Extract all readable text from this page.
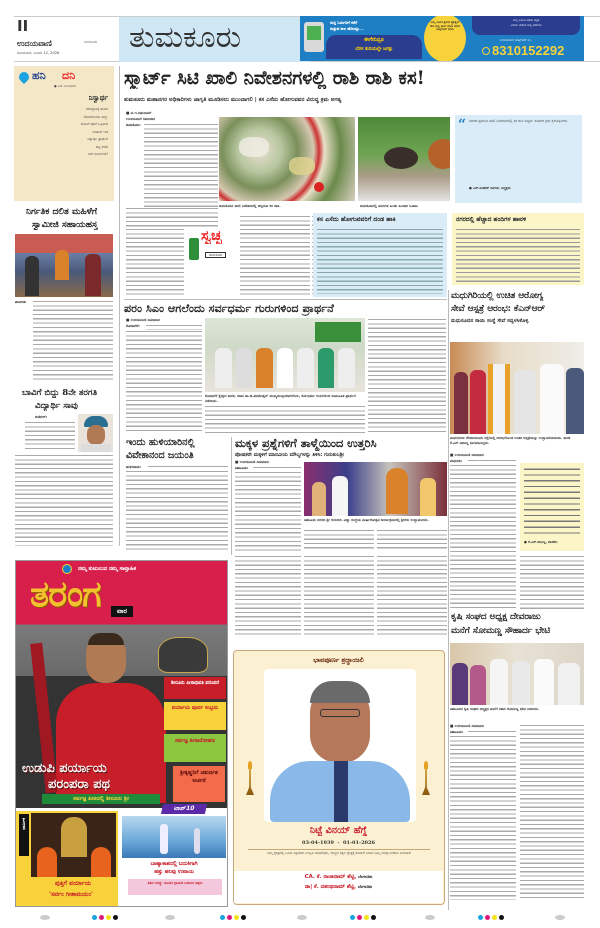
II
ಉದಯವಾಣಿ	ಬೆಂಗಳೂರು
ಸೋಮವಾರ, ಜನವರಿ 12, 2026 ತುಮಕೂರು	ಸುದ್ದಿ ಓದುಗರಿಗೆ ಕರೆಗೆ
ಸುತ್ತುವ ಕಾಲ ಹೋಯ್ತು...
ಈಗೇನಿದ್ರೂ
ಬೆರಳ ತುದಿಯಲ್ಲೇ ಜಗತ್ತು
ನಿಮ್ಮ ಊರಿನ ಕ್ರಮದ ಪ್ರೊಫೈಲ್ ಸೇರಿ ಸುದ್ದಿ ಚಾನ್ ಮಾಡಿ ನಮಗೆ ವಾಟ್ಸ್ಆಪ್ ಮಾಡಿ
ನಿಮ್ಮ ಊರಿನ ಅಥವಾ ಪತ್ರಿಕೆ
ಎದುರು ಬೇಕಾದ ಸುದ್ದಿ ಪಡೆಯಿರಿ
ಉದಯವಾಣಿ ವಾಟ್ಸ್ಆಪ್ ನಂ.
8310152292
ಹನಿ ದನಿ
● ಎಚ್. ಡುಂಡಿರಾಜ್
ನಿಸ್ವಾರ್ಥ
ದೇವಸ್ಥಾನಕ್ಕೆ ಹೋಗಿ
ದೇವರಿಗೊಂದು ಹಣ್ಣು
ಕಾಯಿಗೆ ಪೂಜೆ ಒಪ್ಪಿಸುವ
ಗಂಡನಿಗೆ ಇದೆ
ನಿಸ್ವಾರ್ಥ ಪ್ರಾರ್ಥನೆ
ಪತ್ನಿ ಆಗಲಿ
ಬೇಗ ಸುಮಂಗಲಿ!
ನಿರ್ಗತಿಕ ದಲಿತ ಮಹಿಳೆಗೆ
ಸ್ವಾಮೀಜಿ ಸಹಾಯಹಸ್ತ
ಪಾವಗಡ:
ಬಾವಿಗೆ ಬಿದ್ದು 8ನೇ ತರಗತಿ
ವಿದ್ಯಾರ್ಥಿ ಸಾವು
ಕುಣಿಗಲ್:
ಸ್ಮಾರ್ಟ್ ಸಿಟಿ ಖಾಲಿ ನಿವೇಶನಗಳಲ್ಲಿ ರಾಶಿ ರಾಶಿ ಕಸ!
ತುಮಕೂರು ಮಹಾನಗರ ಅಧಿಕಾರಿಗಳು ಜಾಗೃತಿ ಮೂಡಿಸಲು ಮುಂದಾಗಲಿ | ಕಸ ಎಸೆದು ಹೋಗುವವರ ವಿರುದ್ಧ ಕ್ರಮ ಅಗತ್ಯ
■ ಟಿ.ಇ.ರಘುರಾಮ್
ಉದಯವಾಣಿ ಸಮಾಚಾರ
ತುಮಕೂರು:
ತುಮಕೂರಿನ ಖಾಲಿ ನಿವೇಶನದಲ್ಲಿ ಬಿದ್ದಿರುವ ಕಸ ರಾಶಿ.	ತುಮಕೂರಿನಲ್ಲಿ ಹಂದಿಗಳ ಹಿಂಡು ಹಿಂಡಾಗಿ ಓಡಾಟ
“ ನಗರದ ಪ್ರಮುಖ ಖಾಲಿ ನಿವೇಶನಗಳಲ್ಲಿ ಕಸ ರಾಶಿ ಬಿದ್ದಿದೆ. ಕೂಡಲೇ ಕ್ರಮ ಕೈಗೊಳ್ಳಬೇಕು.
● ಎಸ್.ಮಹೇಶ್ ನಾಗರಿಕ, ಅಧ್ಯಕ್ಷರು
ಸ್ವಚ್ಛ
ತುಮಕೂರು
ಕಸ ಎಸೆದು ಹೋಗುವವರಿಗೆ ದಂಡ ಹಾಕಿ	ನಗರದಲ್ಲಿ ಹೆಚ್ಚಾದ ಹಂದಿಗಳ ಹಾವಳಿ
ಪರಂ ಸಿಎಂ ಆಗಲೆಂದು ಸರ್ವಧರ್ಮ ಗುರುಗಳಿಂದ ಪ್ರಾರ್ಥನೆ
■ ಉದಯವಾಣಿ ಸಮಾಚಾರ
ಕೊರಟಗೆರೆ:
ಕೊರಟಗೆರೆ ಕ್ಷೇತ್ರದ ಶಾಸಕ, ಸಚಿವ ಡಾ.ಜಿ.ಪರಮೇಶ್ವರ್ ಮುಖ್ಯಮಂತ್ರಿಯಾಗಲೆಂದು, ಸರ್ವಧರ್ಮ ಗುರುಗಳಿಂದ ಸಾಮೂಹಿಕ ಪ್ರಾರ್ಥನೆ ನಡೆಯಿತು.
ಇಂದು ಹುಳಿಯಾರಿನಲ್ಲಿ
ವಿವೇಕಾನಂದ ಜಯಂತಿ
ಹುಳಿಯಾರು:
ಮಕ್ಕಳ ಪ್ರಶ್ನೆಗಳಿಗೆ ತಾಳ್ಮೆಯಿಂದ ಉತ್ತರಿಸಿ
ಪೋಷಕರೇ ಮಕ್ಕಳಿಗೆ ಮಾನವೀಯ ಮೌಲ್ಯಗಳನ್ನು ತಿಳಿಸಿ: ಗುರುಕುಲಶ್ರೀ
■ ಉದಯವಾಣಿ ಸಮಾಚಾರ
ತಿಪಟೂರು:
ತಿಪಟೂರು ನಗರದ ಶ್ರೀ ಗುರುಕುಲ ವಿದ್ಯಾ ಸಂಸ್ಥೆಯ ವಾರ್ಷಿಕೋತ್ಸವ ಕಾರ್ಯಕ್ರಮದಲ್ಲಿ ಶ್ರೀಗಳು ಉದ್ಘಾಟಿಸಿದರು.
ಮಧುಗಿರಿಯಲ್ಲಿ ಉಚಿತ ಆರೋಗ್ಯ
ಸೇವೆ ಆಸ್ಪತ್ರೆ ಆರಂಭ: ಕೆಎನ್‌ಆರ್
ಮಧುಸೂದನ ಸಾಯಿ ಸಂಸ್ಥೆ ಸೇವೆ ಸದ್ಬಳಸಿಕೊಳ್ಳಿ
ಮಧುಗಿರಿಯ ಗೌರಿಬಿದನೂರು ರಸ್ತೆಯಲ್ಲಿ ಆರಂಭಗೊಂಡ ಉಚಿತ ಆಸ್ಪತ್ರೆಯನ್ನು ಉದ್ಘಾಟಿಸಲಾಯಿತು. ಶಾಸಕ ಕೆ.ಎನ್.ರಾಜಣ್ಣ ಭಾಗವಹಿಸಿದ್ದರು.
■ ಉದಯವಾಣಿ ಸಮಾಚಾರ
ಮಧುಗಿರಿ:
● ಕೆ.ಎನ್.ರಾಜಣ್ಣ, ಶಾಸಕರು
ಕೃಷಿ ಸಂಘದ ಅಧ್ಯಕ್ಷ ದೇವರಾಜು
ಮನೆಗೆ ಸೋಮಣ್ಣ ಸೌಹಾರ್ದ ಭೇಟಿ
ತಿಪಟೂರಿನ ಕೃಷಿ ಸಂಘದ ಅಧ್ಯಕ್ಷರ ಮನೆಗೆ ಸಚಿವ ಸೋಮಣ್ಣ ಭೇಟಿ ನೀಡಿದರು.
■ ಉದಯವಾಣಿ ಸಮಾಚಾರ
ತಿಪಟೂರು:
ನಮ್ಮ ಕುಟುಂಬದ ನಮ್ಮ ಸಾಪ್ತಾಹಿಕ
ತರಂಗ	ವಾರ
ಶೀರೂರು ಪೀಠಾಧಿಪತಿ ಪರಂಪರೆ
ಪರ್ಯಾಯ ಪೂರ್ವ ಸಂಭ್ರಮ
ಸರ್ವಜ್ಞ ಪೀಠಾರೋಹಣ
ಶ್ರೀಕೃಷ್ಣನಿಗೆ ಚತುರ್ದಶ ಅರ್ಚನೆ
ಉಡುಪಿ ಪರ್ಯಾಯ
ಪರಂಪರಾ ಪಥ
ಸರ್ವಜ್ಞ ಪೀಠದಲ್ಲಿ ಶೀರೂರು ಶ್ರೀ
ಧಾರ್ಮಿಕ
ಪುತ್ತಿಗೆ ಪರ್ಯಾಯ
'ಸರ್ವಂ ಗೀತಾಮಯಂ'
ಟಾಪ್10
ಬಾಹ್ಯಾಕಾಶದಲ್ಲಿ ಬದುಕಿಗಾಗಿ
ಹತ್ತು ಹಲವು ಉಪಾಯ
ಶಿಶಿರ ಸಂಧ್ಯೆ: ದೂರದ ಗ್ರಾಮದ ಬದುಕಿನ ಚಿತ್ರಣ
ಭಾವಪೂರ್ಣ ಶ್ರದ್ಧಾಂಜಲಿ
ನಿಟ್ಟೆ ವಿನಯ್ ಹೆಗ್ಡೆ
03-04-1939  -  01-01-2026
ನಿಮ್ಮ ಕ್ಷೇತ್ರದಲ್ಲಿ ಒಂದು ಶಕ್ತಿಯಾಗಿ ಉಜ್ವಲ ಸಾಧನೆಗೈದು, ರಾಜ್ಯದ ಶಿಕ್ಷಣ ಕ್ಷೇತ್ರಕ್ಕೆ ಕೊಡುಗೆ ನೀಡಿದ ನಿಮ್ಮ ನೆನಪು ಚಿರಕಾಲ ಉಳಿಯಲಿ
CA. ಕೆ. ರಾಜಾರಾಮ್ ಶೆಟ್ಟಿ, ಬೆಂಗಳೂರು
ಡಾ| ಕೆ. ದಶರಥರಾಮ್ ಶೆಟ್ಟಿ, ಬೆಂಗಳೂರು
